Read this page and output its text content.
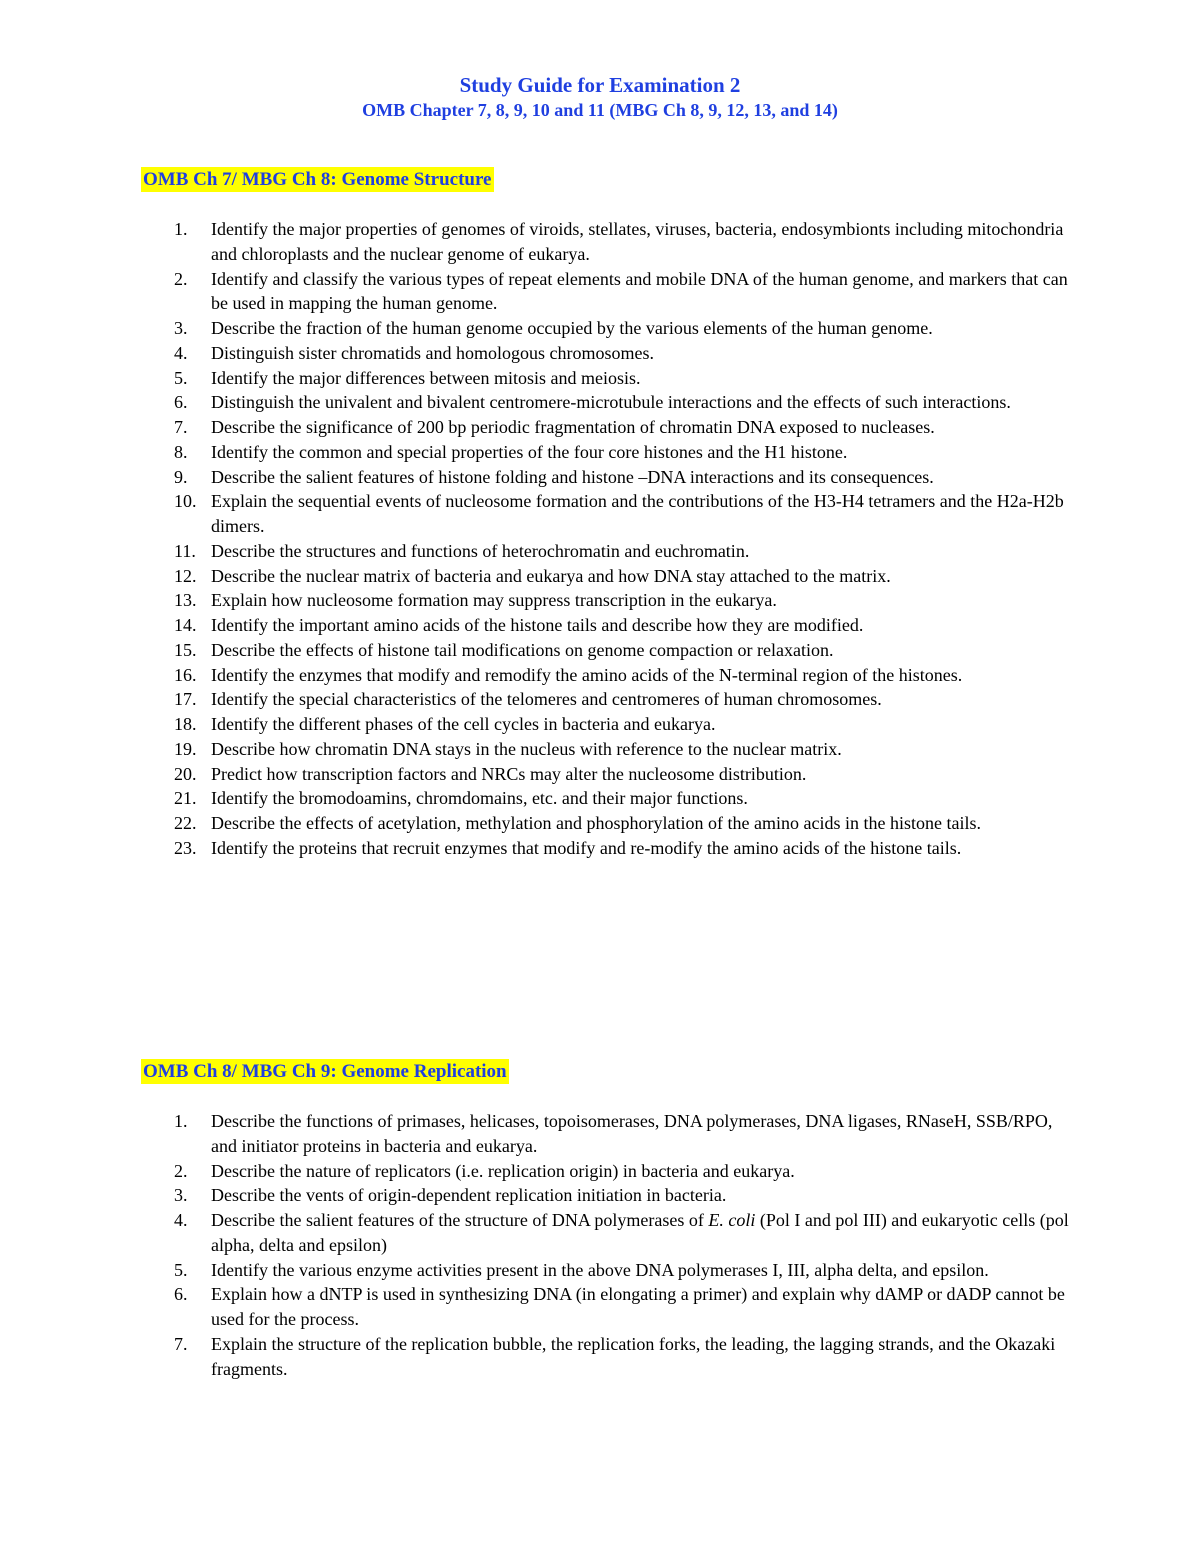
Study Guide for Examination 2
OMB Chapter 7, 8, 9, 10 and 11 (MBG Ch 8, 9, 12, 13, and 14)
OMB Ch 7/ MBG Ch 8: Genome Structure
1. Identify the major properties of genomes of viroids, stellates, viruses, bacteria, endosymbionts including mitochondria and chloroplasts and the nuclear genome of eukarya.
2. Identify and classify the various types of repeat elements and mobile DNA of the human genome, and markers that can be used in mapping the human genome.
3. Describe the fraction of the human genome occupied by the various elements of the human genome.
4. Distinguish sister chromatids and homologous chromosomes.
5. Identify the major differences between mitosis and meiosis.
6. Distinguish the univalent and bivalent centromere-microtubule interactions and the effects of such interactions.
7. Describe the significance of 200 bp periodic fragmentation of chromatin DNA exposed to nucleases.
8. Identify the common and special properties of the four core histones and the H1 histone.
9. Describe the salient features of histone folding and histone –DNA interactions and its consequences.
10. Explain the sequential events of nucleosome formation and the contributions of the H3-H4 tetramers and the H2a-H2b dimers.
11. Describe the structures and functions of heterochromatin and euchromatin.
12. Describe the nuclear matrix of bacteria and eukarya and how DNA stay attached to the matrix.
13. Explain how nucleosome formation may suppress transcription in the eukarya.
14. Identify the important amino acids of the histone tails and describe how they are modified.
15. Describe the effects of histone tail modifications on genome compaction or relaxation.
16. Identify the enzymes that modify and remodify the amino acids of the N-terminal region of the histones.
17. Identify the special characteristics of the telomeres and centromeres of human chromosomes.
18. Identify the different phases of the cell cycles in bacteria and eukarya.
19. Describe how chromatin DNA stays in the nucleus with reference to the nuclear matrix.
20. Predict how transcription factors and NRCs may alter the nucleosome distribution.
21. Identify the bromodoamins, chromdomains, etc. and their major functions.
22. Describe the effects of acetylation, methylation and phosphorylation of the amino acids in the histone tails.
23. Identify the proteins that recruit enzymes that modify and re-modify the amino acids of the histone tails.
OMB Ch 8/ MBG Ch 9: Genome Replication
1. Describe the functions of primases, helicases, topoisomerases, DNA polymerases, DNA ligases, RNaseH, SSB/RPO, and initiator proteins in bacteria and eukarya.
2. Describe the nature of replicators (i.e. replication origin) in bacteria and eukarya.
3. Describe the vents of origin-dependent replication initiation in bacteria.
4. Describe the salient features of the structure of DNA polymerases of E. coli (Pol I and pol III) and eukaryotic cells (pol alpha, delta and epsilon)
5. Identify the various enzyme activities present in the above DNA polymerases I, III, alpha delta, and epsilon.
6. Explain how a dNTP is used in synthesizing DNA (in elongating a primer) and explain why dAMP or dADP cannot be used for the process.
7. Explain the structure of the replication bubble, the replication forks, the leading, the lagging strands, and the Okazaki fragments.
